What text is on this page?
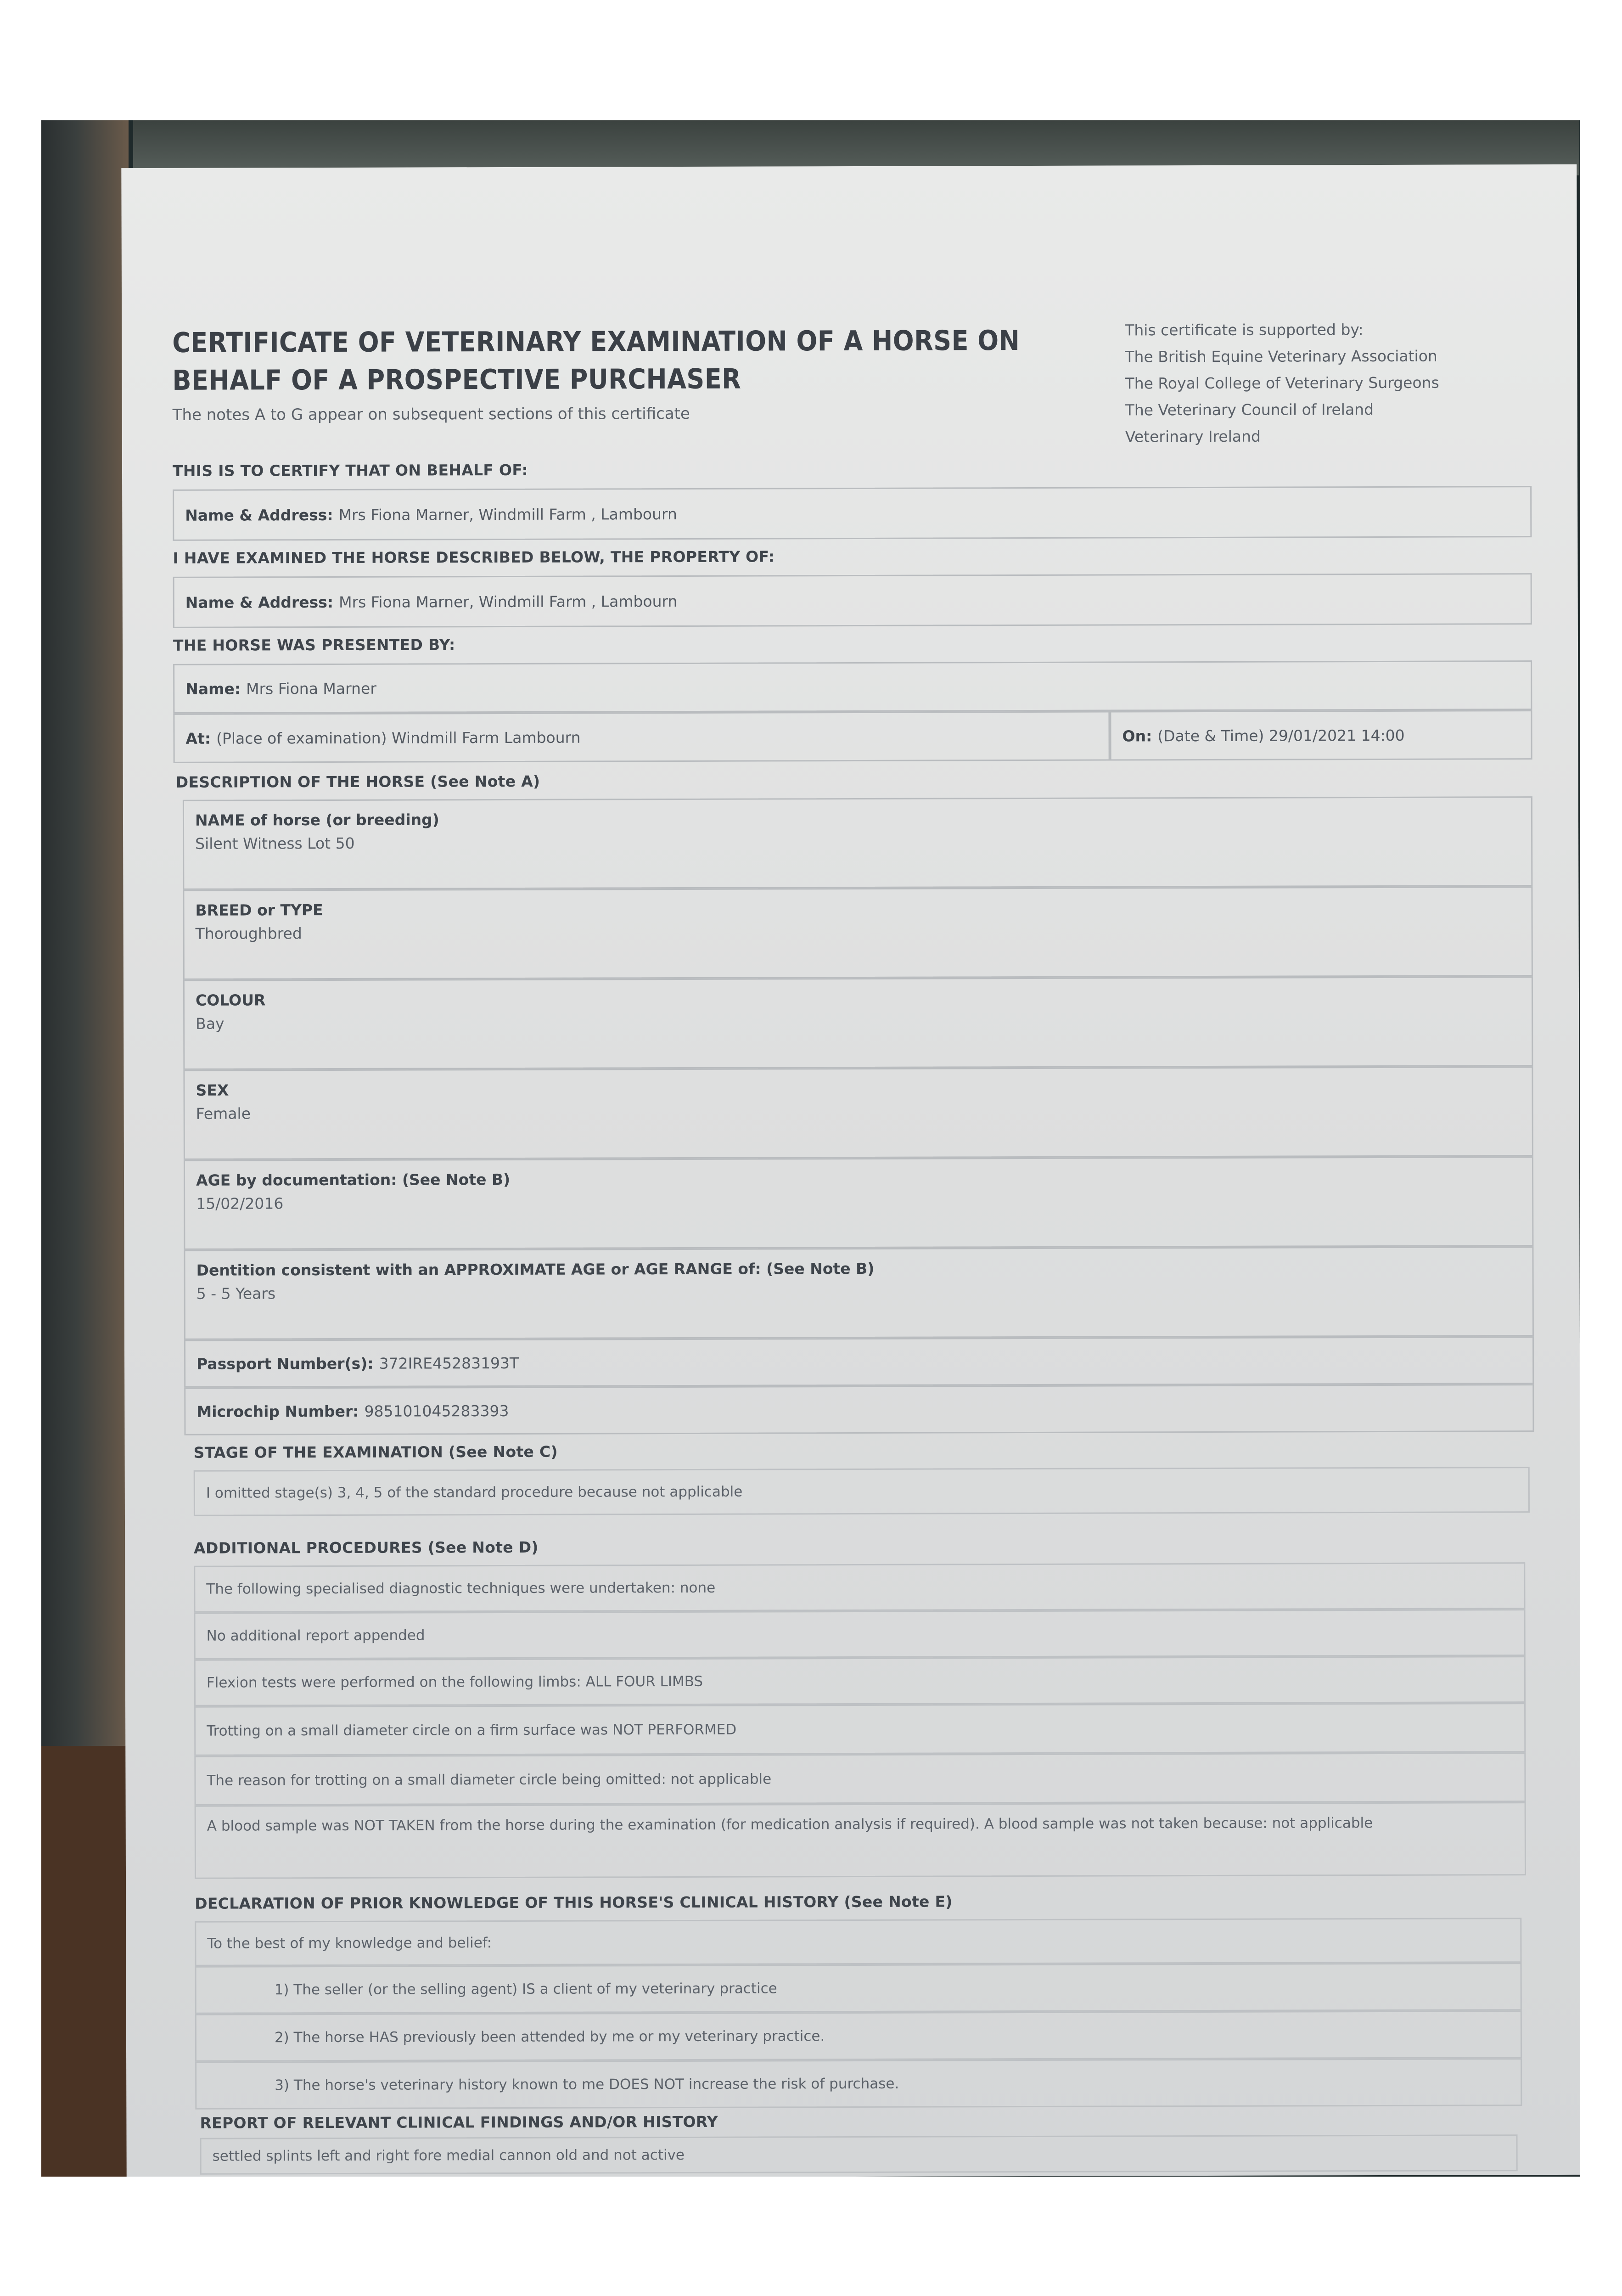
CERTIFICATE OF VETERINARY EXAMINATION OF A HORSE ON BEHALF OF A PROSPECTIVE PURCHASER
The notes A to G appear on subsequent sections of this certificate
This certificate is supported by:
The British Equine Veterinary Association
The Royal College of Veterinary Surgeons
The Veterinary Council of Ireland
Veterinary Ireland
THIS IS TO CERTIFY THAT ON BEHALF OF:
Name & Address: Mrs Fiona Marner, Windmill Farm , Lambourn
I HAVE EXAMINED THE HORSE DESCRIBED BELOW, THE PROPERTY OF:
Name & Address: Mrs Fiona Marner, Windmill Farm , Lambourn
THE HORSE WAS PRESENTED BY:
Name: Mrs Fiona Marner
At: (Place of examination) Windmill Farm Lambourn	On: (Date & Time) 29/01/2021 14:00
DESCRIPTION OF THE HORSE (See Note A)
NAME of horse (or breeding)
Silent Witness Lot 50
BREED or TYPE
Thoroughbred
COLOUR
Bay
SEX
Female
AGE by documentation: (See Note B)
15/02/2016
Dentition consistent with an APPROXIMATE AGE or AGE RANGE of: (See Note B)
5 - 5 Years
Passport Number(s): 372IRE45283193T
Microchip Number: 985101045283393
STAGE OF THE EXAMINATION (See Note C)
I omitted stage(s) 3, 4, 5 of the standard procedure because not applicable
ADDITIONAL PROCEDURES (See Note D)
The following specialised diagnostic techniques were undertaken: none
No additional report appended
Flexion tests were performed on the following limbs: ALL FOUR LIMBS
Trotting on a small diameter circle on a firm surface was NOT PERFORMED
The reason for trotting on a small diameter circle being omitted: not applicable
A blood sample was NOT TAKEN from the horse during the examination (for medication analysis if required). A blood sample was not taken because: not applicable
DECLARATION OF PRIOR KNOWLEDGE OF THIS HORSE'S CLINICAL HISTORY (See Note E)
To the best of my knowledge and belief:
1) The seller (or the selling agent) IS a client of my veterinary practice
2) The horse HAS previously been attended by me or my veterinary practice.
3) The horse's veterinary history known to me DOES NOT increase the risk of purchase.
REPORT OF RELEVANT CLINICAL FINDINGS AND/OR HISTORY
settled splints left and right fore medial cannon old and not active
